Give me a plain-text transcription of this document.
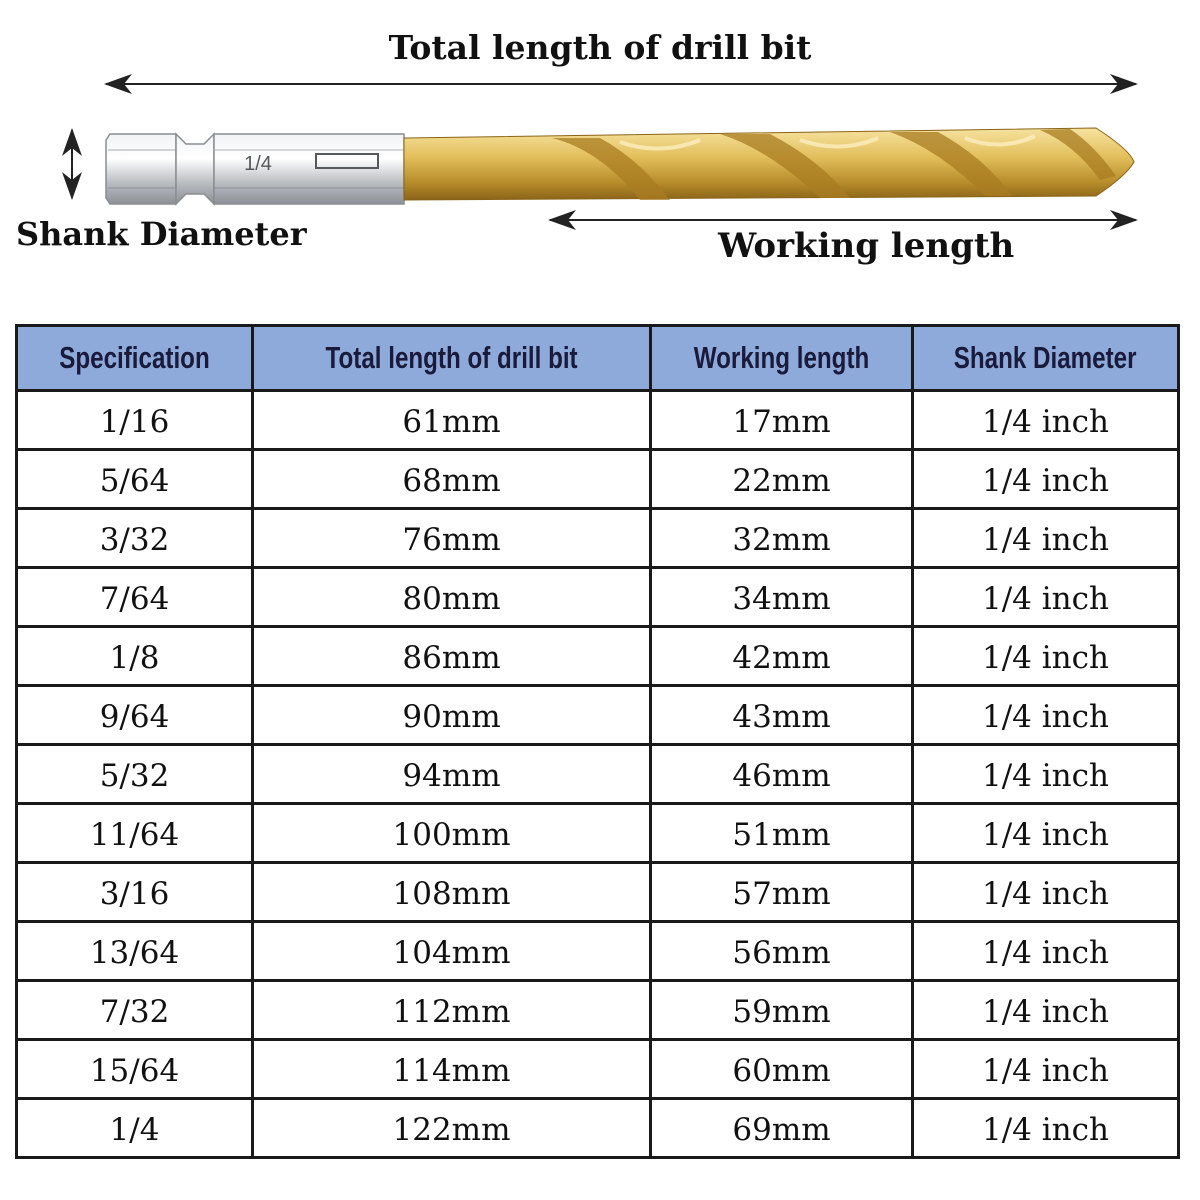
Total length of drill bit
Shank Diameter	Working length
1/4
Specification	Total length of drill bit	Working length	Shank Diameter
1/16	61mm	17mm	1/4 inch
5/64	68mm	22mm	1/4 inch
3/32	76mm	32mm	1/4 inch
7/64	80mm	34mm	1/4 inch
1/8	86mm	42mm	1/4 inch
9/64	90mm	43mm	1/4 inch
5/32	94mm	46mm	1/4 inch
11/64	100mm	51mm	1/4 inch
3/16	108mm	57mm	1/4 inch
13/64	104mm	56mm	1/4 inch
7/32	112mm	59mm	1/4 inch
15/64	114mm	60mm	1/4 inch
1/4	122mm	69mm	1/4 inch
